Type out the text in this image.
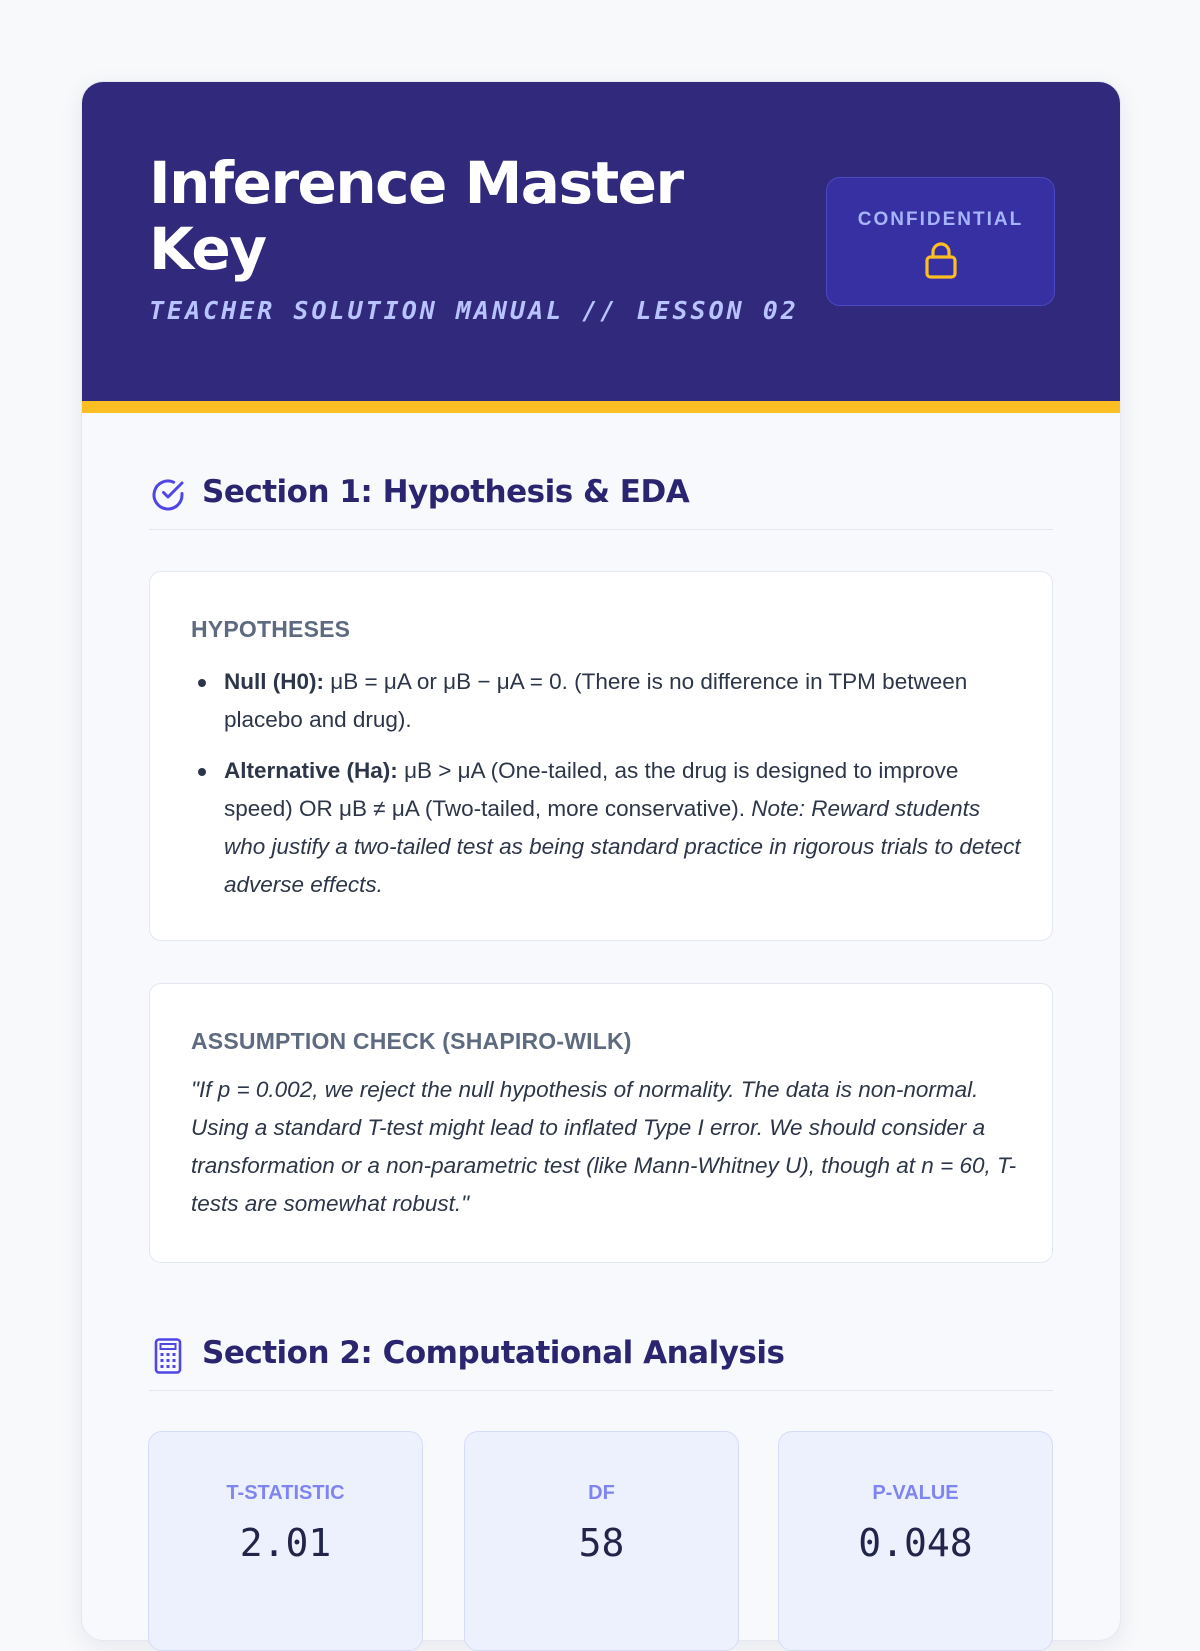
Inference Master Key
TEACHER SOLUTION MANUAL // LESSON 02
CONFIDENTIAL
Section 1: Hypothesis & EDA
HYPOTHESES
Null (H0): μB = μA or μB − μA = 0. (There is no difference in TPM between placebo and drug).
Alternative (Ha): μB > μA (One-tailed, as the drug is designed to improve speed) OR μB ≠ μA (Two-tailed, more conservative). Note: Reward students who justify a two-tailed test as being standard practice in rigorous trials to detect adverse effects.
ASSUMPTION CHECK (SHAPIRO-WILK)

"If p = 0.002, we reject the null hypothesis of normality. The data is non-normal. Using a standard T-test might lead to inflated Type I error. We should consider a transformation or a non-parametric test (like Mann-Whitney U), though at n = 60, T-tests are somewhat robust."

Section 2: Computational Analysis
T-STATISTIC
2.01
DF
58
P-VALUE
0.048
